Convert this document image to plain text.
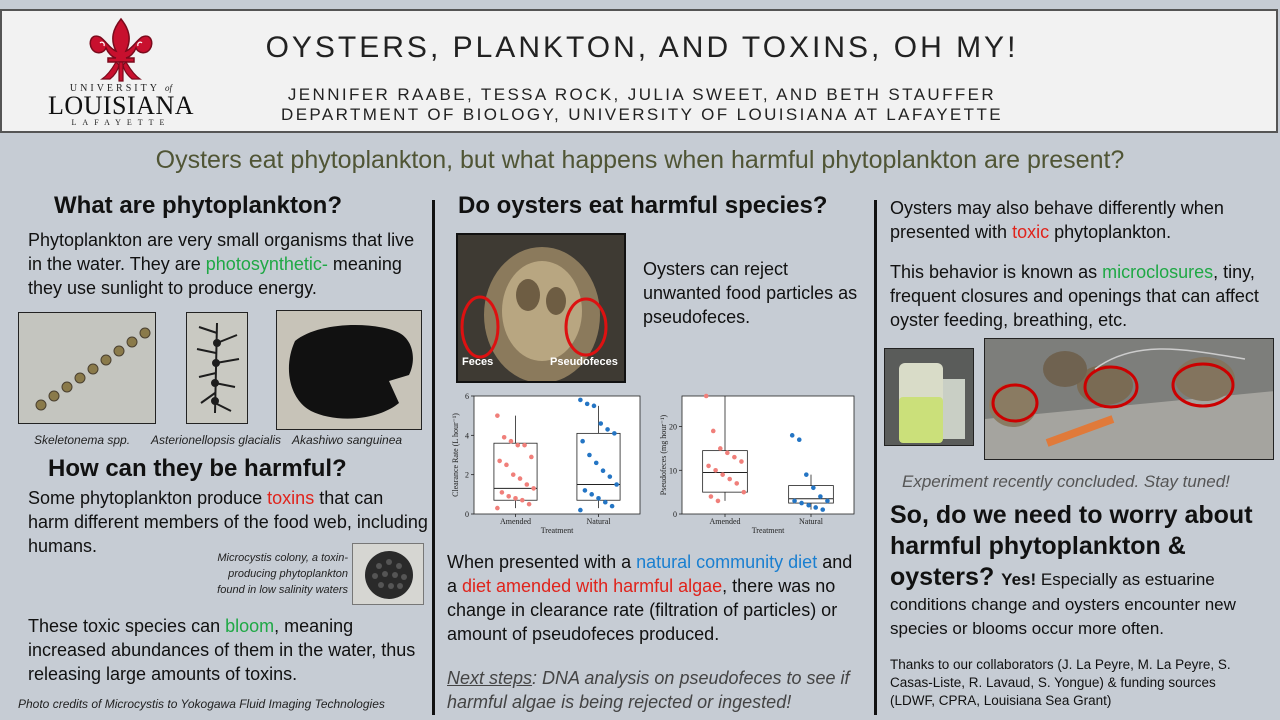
UNIVERSITY of
LOUISIANA
LAFAYETTE
OYSTERS, PLANKTON, AND TOXINS, OH MY!
JENNIFER RAABE, TESSA ROCK, JULIA SWEET, AND BETH STAUFFER
DEPARTMENT OF BIOLOGY, UNIVERSITY OF LOUISIANA AT LAFAYETTE
Oysters eat phytoplankton, but what happens when harmful phytoplankton are present?
What are phytoplankton?
Phytoplankton are very small organisms that live in the water. They are photosynthetic- meaning they use sunlight to produce energy.
Skeletonema spp. Asterionellopsis glacialis Akashiwo sanguinea
How can they be harmful?
Some phytoplankton produce toxins that can harm different members of the food web, including humans.
Microcystis colony, a toxin-
producing phytoplankton
found in low salinity waters
These toxic species can bloom, meaning increased abundances of them in the water, thus releasing large amounts of toxins.
Photo credits of Microcystis to Yokogawa Fluid Imaging Technologies
Do oysters eat harmful species?
Feces	Pseudofeces
Oysters can reject unwanted food particles as pseudofeces.
0
2
4
6
Amended	Natural
Treatment
Clearance Rate (L hour⁻¹)
0
10
20
Amended	Natural
Treatment
Pseudofeces (mg hour⁻¹)
When presented with a natural community diet and a diet amended with harmful algae, there was no change in clearance rate (filtration of particles) or amount of pseudofeces produced.
Next steps: DNA analysis on pseudofeces to see if harmful algae is being rejected or ingested!
Oysters may also behave differently when presented with toxic phytoplankton.
This behavior is known as microclosures, tiny, frequent closures and openings that can affect oyster feeding, breathing, etc.
Experiment recently concluded. Stay tuned!
So, do we need to worry about harmful phytoplankton & oysters? Yes! Especially as estuarine conditions change and oysters encounter new species or blooms occur more often.
Thanks to our collaborators (J. La Peyre, M. La Peyre, S. Casas-Liste, R. Lavaud, S. Yongue) & funding sources (LDWF, CPRA, Louisiana Sea Grant)
